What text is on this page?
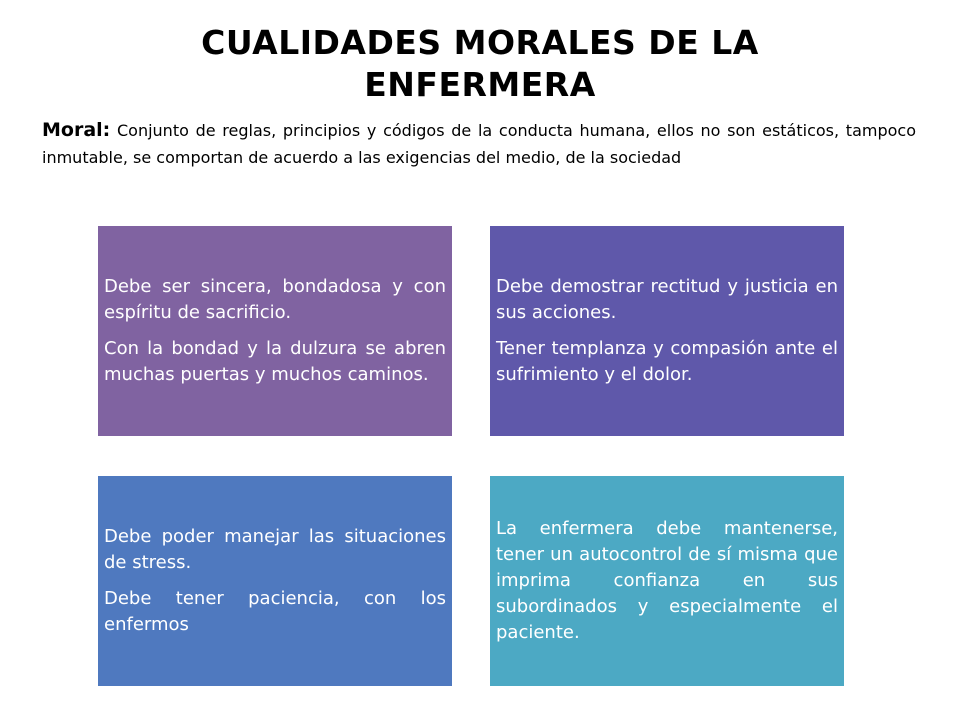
CUALIDADES MORALES DE LA
ENFERMERA

Moral: Conjunto de reglas, principios y códigos de la conducta humana, ellos no son estáticos, tampoco inmutable, se comportan de acuerdo a las exigencias del medio, de la sociedad

Debe ser sincera, bondadosa y con espíritu de sacrificio.

Con la bondad y la dulzura se abren muchas puertas y muchos caminos.

Debe demostrar rectitud y justicia en sus acciones.

Tener templanza y compasión ante el sufrimiento y el dolor.

Debe poder manejar las situaciones de stress.

Debe tener paciencia, con los enfermos

La enfermera debe mantenerse, tener un autocontrol de sí misma que imprima confianza en sus subordinados y especialmente el paciente.
